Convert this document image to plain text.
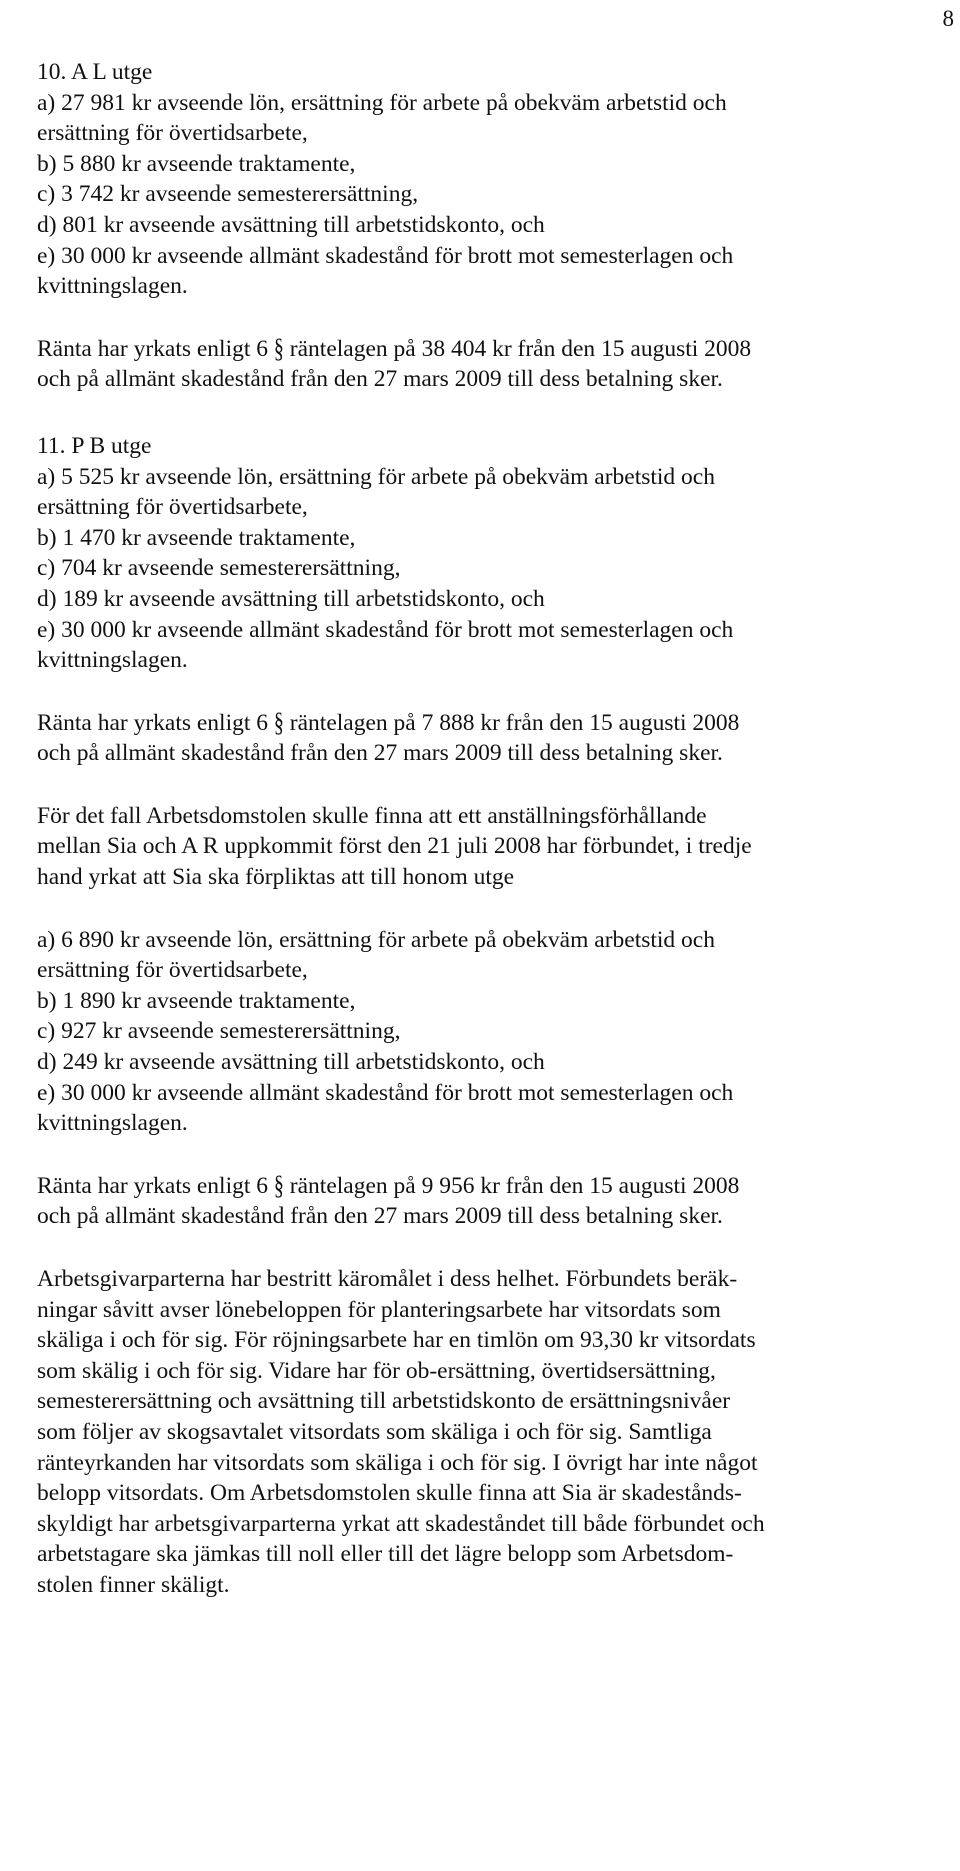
8
10. A L utge
a) 27 981 kr avseende lön, ersättning för arbete på obekväm arbetstid och
ersättning för övertidsarbete,
b) 5 880 kr avseende traktamente,
c) 3 742 kr avseende semesterersättning,
d) 801 kr avseende avsättning till arbetstidskonto, och
e) 30 000 kr avseende allmänt skadestånd för brott mot semesterlagen och
kvittningslagen.
Ränta har yrkats enligt 6 § räntelagen på 38 404 kr från den 15 augusti 2008
och på allmänt skadestånd från den 27 mars 2009 till dess betalning sker.
11. P B utge
a) 5 525 kr avseende lön, ersättning för arbete på obekväm arbetstid och
ersättning för övertidsarbete,
b) 1 470 kr avseende traktamente,
c) 704 kr avseende semesterersättning,
d) 189 kr avseende avsättning till arbetstidskonto, och
e) 30 000 kr avseende allmänt skadestånd för brott mot semesterlagen och
kvittningslagen.
Ränta har yrkats enligt 6 § räntelagen på 7 888 kr från den 15 augusti 2008
och på allmänt skadestånd från den 27 mars 2009 till dess betalning sker.
För det fall Arbetsdomstolen skulle finna att ett anställningsförhållande
mellan Sia och A R uppkommit först den 21 juli 2008 har förbundet, i tredje
hand yrkat att Sia ska förpliktas att till honom utge
a) 6 890 kr avseende lön, ersättning för arbete på obekväm arbetstid och
ersättning för övertidsarbete,
b) 1 890 kr avseende traktamente,
c) 927 kr avseende semesterersättning,
d) 249 kr avseende avsättning till arbetstidskonto, och
e) 30 000 kr avseende allmänt skadestånd för brott mot semesterlagen och
kvittningslagen.
Ränta har yrkats enligt 6 § räntelagen på 9 956 kr från den 15 augusti 2008
och på allmänt skadestånd från den 27 mars 2009 till dess betalning sker.
Arbetsgivarparterna har bestritt käromålet i dess helhet. Förbundets beräk-
ningar såvitt avser lönebeloppen för planteringsarbete har vitsordats som
skäliga i och för sig. För röjningsarbete har en timlön om 93,30 kr vitsordats
som skälig i och för sig. Vidare har för ob-ersättning, övertidsersättning,
semesterersättning och avsättning till arbetstidskonto de ersättningsnivåer
som följer av skogsavtalet vitsordats som skäliga i och för sig. Samtliga
ränteyrkanden har vitsordats som skäliga i och för sig. I övrigt har inte något
belopp vitsordats. Om Arbetsdomstolen skulle finna att Sia är skadestånds-
skyldigt har arbetsgivarparterna yrkat att skadeståndet till både förbundet och
arbetstagare ska jämkas till noll eller till det lägre belopp som Arbetsdom-
stolen finner skäligt.
